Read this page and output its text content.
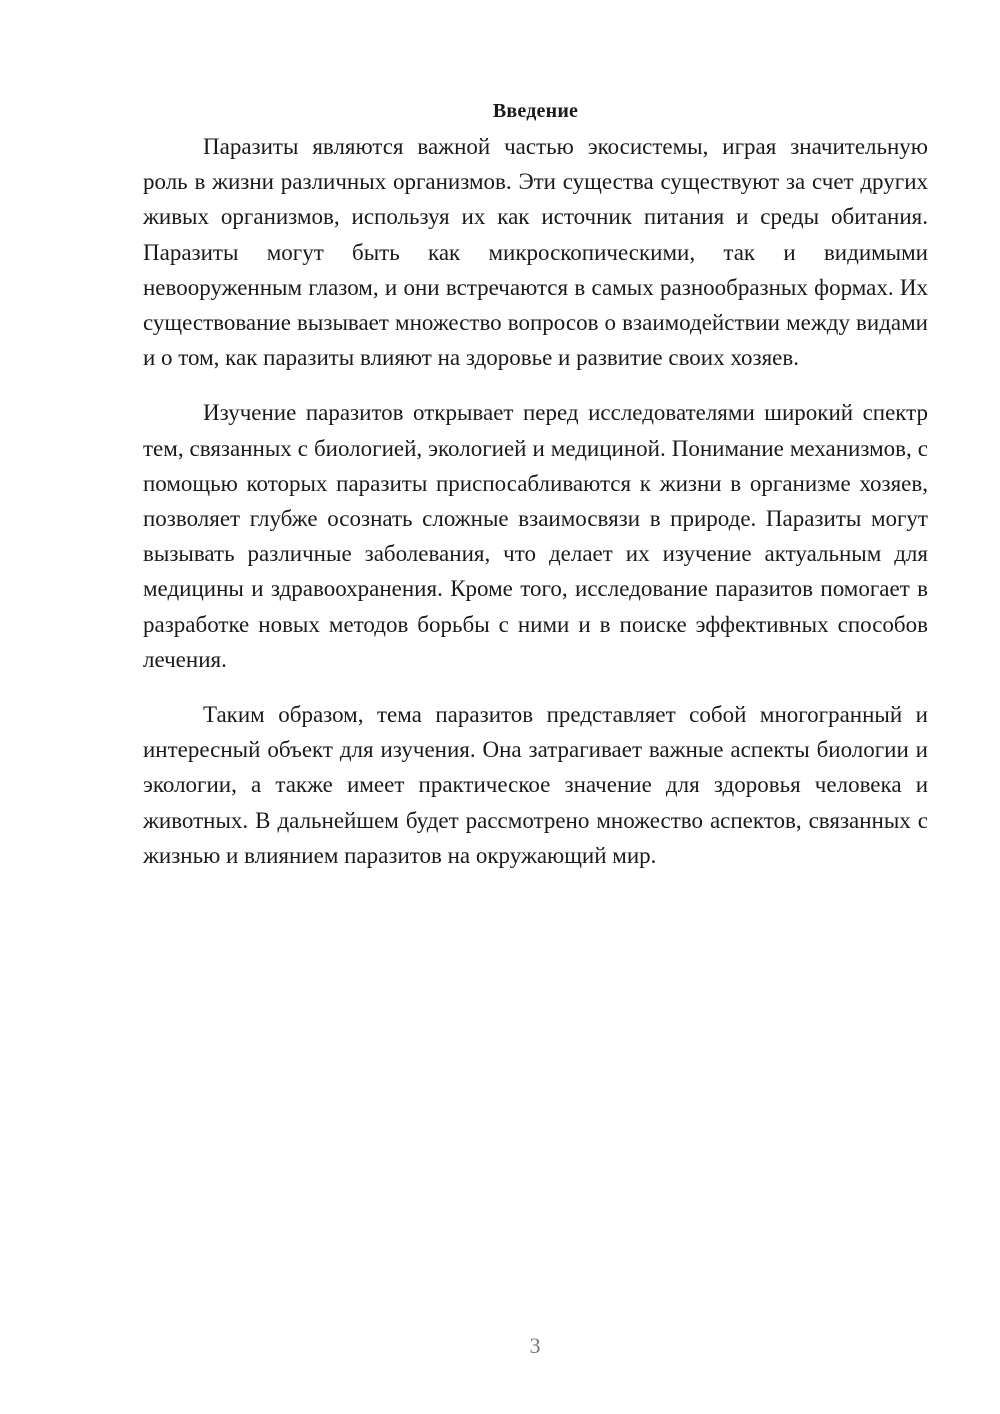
Введение

Паразиты являются важной частью экосистемы, играя значительную роль в жизни различных организмов. Эти существа существуют за счет других живых организмов, используя их как источник питания и среды обитания. Паразиты могут быть как микроскопическими, так и видимыми невооруженным глазом, и они встречаются в самых разнообразных формах. Их существование вызывает множество вопросов о взаимодействии между видами и о том, как паразиты влияют на здоровье и развитие своих хозяев.

Изучение паразитов открывает перед исследователями широкий спектр тем, связанных с биологией, экологией и медициной. Понимание механизмов, с помощью которых паразиты приспосабливаются к жизни в организме хозяев, позволяет глубже осознать сложные взаимосвязи в природе. Паразиты могут вызывать различные заболевания, что делает их изучение актуальным для медицины и здравоохранения. Кроме того, исследование паразитов помогает в разработке новых методов борьбы с ними и в поиске эффективных способов лечения.

Таким образом, тема паразитов представляет собой многогранный и интересный объект для изучения. Она затрагивает важные аспекты биологии и экологии, а также имеет практическое значение для здоровья человека и животных. В дальнейшем будет рассмотрено множество аспектов, связанных с жизнью и влиянием паразитов на окружающий мир.

3
